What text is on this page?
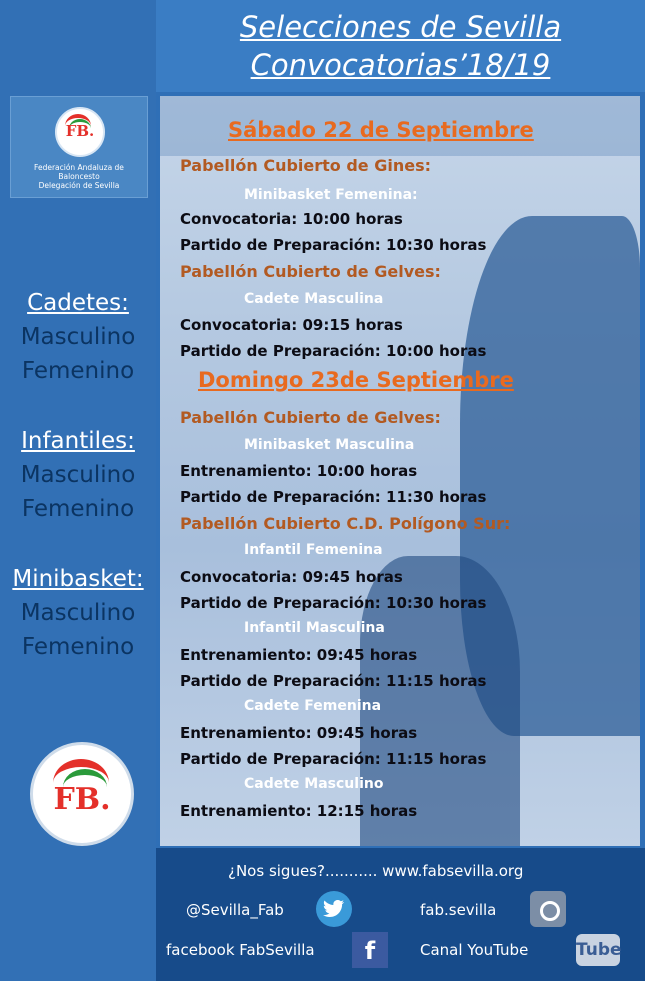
FB.
Federación Andaluza de Baloncesto
Delegación de Sevilla
Cadetes:
Masculino
Femenino
Infantiles:
Masculino
Femenino
Minibasket:
Masculino
Femenino
FB.
Selecciones de Sevilla
Convocatorias’18/19
Sábado 22 de Septiembre
Pabellón Cubierto de Gines:
Minibasket Femenina:
Convocatoria: 10:00 horas
Partido de Preparación: 10:30 horas
Pabellón Cubierto de Gelves:
Cadete Masculina
Convocatoria: 09:15 horas
Partido de Preparación: 10:00 horas
Domingo 23de Septiembre
Pabellón Cubierto de Gelves:
Minibasket Masculina
Entrenamiento: 10:00 horas
Partido de Preparación: 11:30 horas
Pabellón Cubierto C.D. Polígono Sur:
Infantil Femenina
Convocatoria: 09:45 horas
Partido de Preparación: 10:30 horas
Infantil Masculina
Entrenamiento: 09:45 horas
Partido de Preparación: 11:15 horas
Cadete Femenina
Entrenamiento: 09:45 horas
Partido de Preparación: 11:15 horas
Cadete Masculino
Entrenamiento: 12:15 horas
¿Nos sigues?........... www.fabsevilla.org
@Sevilla_Fab	fab.sevilla
facebook FabSevilla	f	Canal YouTube	Tube
